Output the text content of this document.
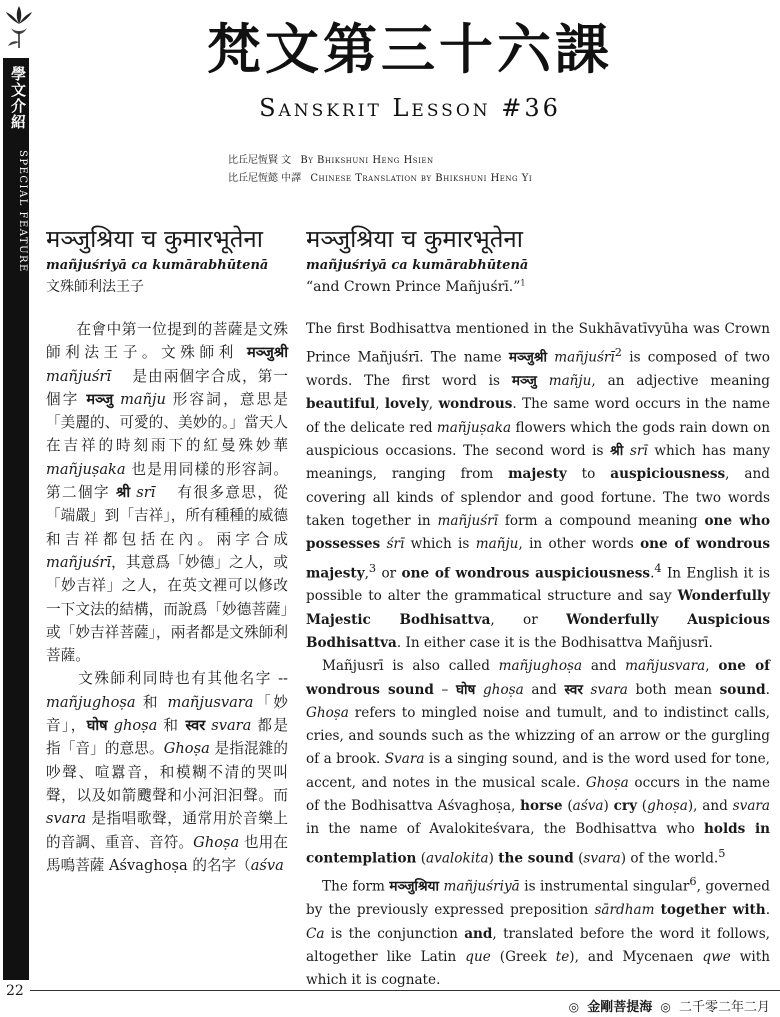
學文介紹
SPECIAL FEATURE
梵文第三十六課
Sanskrit Lesson #36
比丘尼恆賢 文 By Bhikshuni Heng Hsien
比丘尼恆懿 中譯 Chinese Translation by Bhikshuni Heng Yi
मञ्जुश्रिया च कुमारभूतेना
mañjuśriyā ca kumārabhūtenā
文殊師利法王子

　　在會中第一位提到的菩薩是文殊師利法王子。文殊師利 मञ्जुश्री mañjuśrī 　是由兩個字合成，第一個字 मञ्जु mañju 形容詞，意思是「美麗的、可愛的、美妙的。」當天人在吉祥的時刻雨下的紅曼殊妙華 mañjuṣaka 也是用同樣的形容詞。第二個字 श्री srī 　有很多意思，從「端嚴」到「吉祥」，所有種種的威德和吉祥都包括在內。兩字合成 mañjuśrī，其意爲「妙德」之人，或「妙吉祥」之人，在英文裡可以修改一下文法的結構，而說爲「妙德菩薩」或「妙吉祥菩薩」，兩者都是文殊師利菩薩。

　　文殊師利同時也有其他名字 -- mañjughoṣa 和 mañjusvara「妙音」，घोष ghoṣa 和 स्वर svara 都是指「音」的意思。Ghoṣa 是指混雜的吵聲、喧囂音，和模糊不清的哭叫聲，以及如箭颼聲和小河汩汩聲。而 svara 是指唱歌聲，通常用於音樂上的音調、重音、音符。Ghoṣa 也用在馬鳴菩薩 Aśvaghoṣa 的名字（aśva

मञ्जुश्रिया च कुमारभूतेना
mañjuśriyā ca kumārabhūtenā
“and Crown Prince Mañjuśrī.”$^1$

The first Bodhisattva mentioned in the Sukhāvatīvyūha was Crown Prince Mañjuśrī. The name मञ्जुश्री mañjuśrī$^2$ is composed of two words. The first word is मञ्जु mañju, an adjective meaning beautiful, lovely, wondrous. The same word occurs in the name of the delicate red mañjuṣaka flowers which the gods rain down on auspicious occasions. The second word is श्री srī which has many meanings, ranging from majesty to auspiciousness, and covering all kinds of splendor and good fortune. The two words taken together in mañjuśrī form a compound meaning one who possesses śrī which is mañju, in other words one of wondrous majesty,$^3$ or one of wondrous auspiciousness.$^4$ In English it is possible to alter the grammatical structure and say Wonderfully Majestic Bodhisattva, or Wonderfully Auspicious Bodhisattva. In either case it is the Bodhisattva Mañjusrī.

Mañjusrī is also called mañjughoṣa and mañjusvara, one of wondrous sound – घोष ghoṣa and स्वर svara both mean sound. Ghoṣa refers to mingled noise and tumult, and to indistinct calls, cries, and sounds such as the whizzing of an arrow or the gurgling of a brook. Svara is a singing sound, and is the word used for tone, accent, and notes in the musical scale. Ghoṣa occurs in the name of the Bodhisattva Aśvaghoṣa, horse (aśva) cry (ghoṣa), and svara in the name of Avalokiteśvara, the Bodhisattva who holds in contemplation (avalokita) the sound (svara) of the world.$^5$

The form मञ्जुश्रिया mañjuśriyā is instrumental singular$^6$, governed by the previously expressed preposition sārdham together with. Ca is the conjunction and, translated before the word it follows, altogether like Latin que (Greek te), and Mycenaen qwe with which it is cognate.

22
◎ 金剛菩提海 ◎ 二千零二年二月
